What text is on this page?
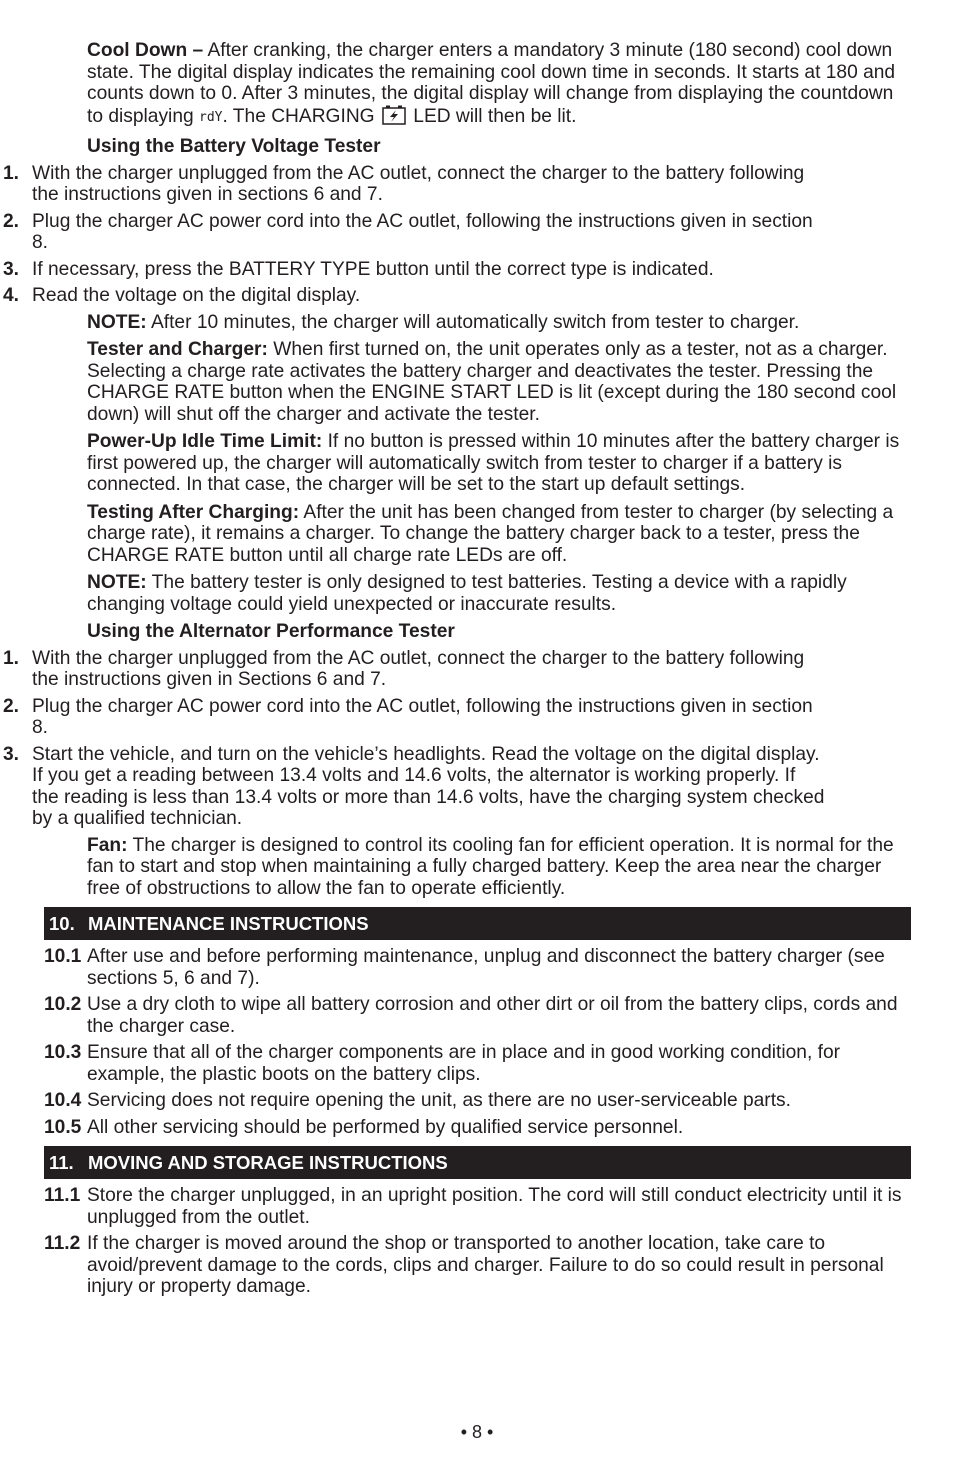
Cool Down – After cranking, the charger enters a mandatory 3 minute (180 second) cool down state. The digital display indicates the remaining cool down time in seconds. It starts at 180 and counts down to 0. After 3 minutes, the digital display will change from displaying the countdown to displaying rdY. The CHARGING  LED will then be lit.
Using the Battery Voltage Tester
1. With the charger unplugged from the AC outlet, connect the charger to the battery following the instructions given in sections 6 and 7.
2. Plug the charger AC power cord into the AC outlet, following the instructions given in section 8.
3. If necessary, press the BATTERY TYPE button until the correct type is indicated.
4. Read the voltage on the digital display.
NOTE: After 10 minutes, the charger will automatically switch from tester to charger.
Tester and Charger: When first turned on, the unit operates only as a tester, not as a charger. Selecting a charge rate activates the battery charger and deactivates the tester. Pressing the CHARGE RATE button when the ENGINE START LED is lit (except during the 180 second cool down) will shut off the charger and activate the tester.
Power-Up Idle Time Limit: If no button is pressed within 10 minutes after the battery charger is first powered up, the charger will automatically switch from tester to charger if a battery is connected. In that case, the charger will be set to the start up default settings.
Testing After Charging: After the unit has been changed from tester to charger (by selecting a charge rate), it remains a charger. To change the battery charger back to a tester, press the CHARGE RATE button until all charge rate LEDs are off.
NOTE: The battery tester is only designed to test batteries. Testing a device with a rapidly changing voltage could yield unexpected or inaccurate results.
Using the Alternator Performance Tester
1. With the charger unplugged from the AC outlet, connect the charger to the battery following the instructions given in Sections 6 and 7.
2. Plug the charger AC power cord into the AC outlet, following the instructions given in section 8.
3. Start the vehicle, and turn on the vehicle’s headlights. Read the voltage on the digital display. If you get a reading between 13.4 volts and 14.6 volts, the alternator is working properly. If the reading is less than 13.4 volts or more than 14.6 volts, have the charging system checked by a qualified technician.
Fan: The charger is designed to control its cooling fan for efficient operation. It is normal for the fan to start and stop when maintaining a fully charged battery. Keep the area near the charger free of obstructions to allow the fan to operate efficiently.
10. MAINTENANCE INSTRUCTIONS
10.1 After use and before performing maintenance, unplug and disconnect the battery charger (see sections 5, 6 and 7).
10.2 Use a dry cloth to wipe all battery corrosion and other dirt or oil from the battery clips, cords and the charger case.
10.3 Ensure that all of the charger components are in place and in good working condition, for example, the plastic boots on the battery clips.
10.4 Servicing does not require opening the unit, as there are no user-serviceable parts.
10.5 All other servicing should be performed by qualified service personnel.
11. MOVING AND STORAGE INSTRUCTIONS
11.1 Store the charger unplugged, in an upright position. The cord will still conduct electricity until it is unplugged from the outlet.
11.2 If the charger is moved around the shop or transported to another location, take care to avoid/prevent damage to the cords, clips and charger. Failure to do so could result in personal injury or property damage.
• 8 •
